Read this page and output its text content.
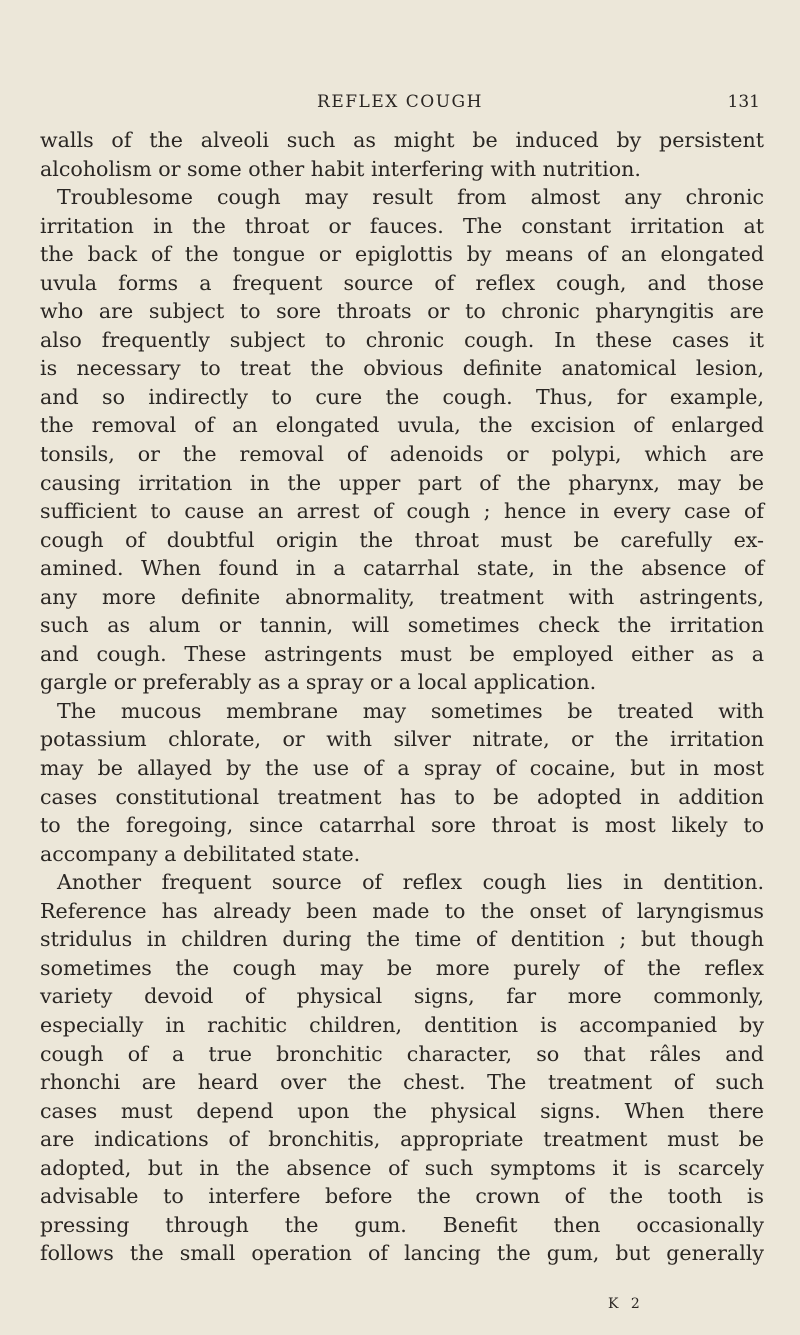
REFLEX COUGH	131
walls of the alveoli such as might be induced by persistent
alcoholism or some other habit interfering with nutrition.
Troublesome cough may result from almost any chronic
irritation in the throat or fauces. The constant irritation at
the back of the tongue or epiglottis by means of an elongated
uvula forms a frequent source of reflex cough, and those
who are subject to sore throats or to chronic pharyngitis are
also frequently subject to chronic cough. In these cases it
is necessary to treat the obvious definite anatomical lesion,
and so indirectly to cure the cough. Thus, for example,
the removal of an elongated uvula, the excision of enlarged
tonsils, or the removal of adenoids or polypi, which are
causing irritation in the upper part of the pharynx, may be
sufficient to cause an arrest of cough ; hence in every case of
cough of doubtful origin the throat must be carefully ex-
amined. When found in a catarrhal state, in the absence of
any more definite abnormality, treatment with astringents,
such as alum or tannin, will sometimes check the irritation
and cough. These astringents must be employed either as a
gargle or preferably as a spray or a local application.
The mucous membrane may sometimes be treated with
potassium chlorate, or with silver nitrate, or the irritation
may be allayed by the use of a spray of cocaine, but in most
cases constitutional treatment has to be adopted in addition
to the foregoing, since catarrhal sore throat is most likely to
accompany a debilitated state.
Another frequent source of reflex cough lies in dentition.
Reference has already been made to the onset of laryngismus
stridulus in children during the time of dentition ; but though
sometimes the cough may be more purely of the reflex
variety devoid of physical signs, far more commonly,
especially in rachitic children, dentition is accompanied by
cough of a true bronchitic character, so that râles and
rhonchi are heard over the chest. The treatment of such
cases must depend upon the physical signs. When there
are indications of bronchitis, appropriate treatment must be
adopted, but in the absence of such symptoms it is scarcely
advisable to interfere before the crown of the tooth is
pressing through the gum. Benefit then occasionally
follows the small operation of lancing the gum, but generally
K 2
